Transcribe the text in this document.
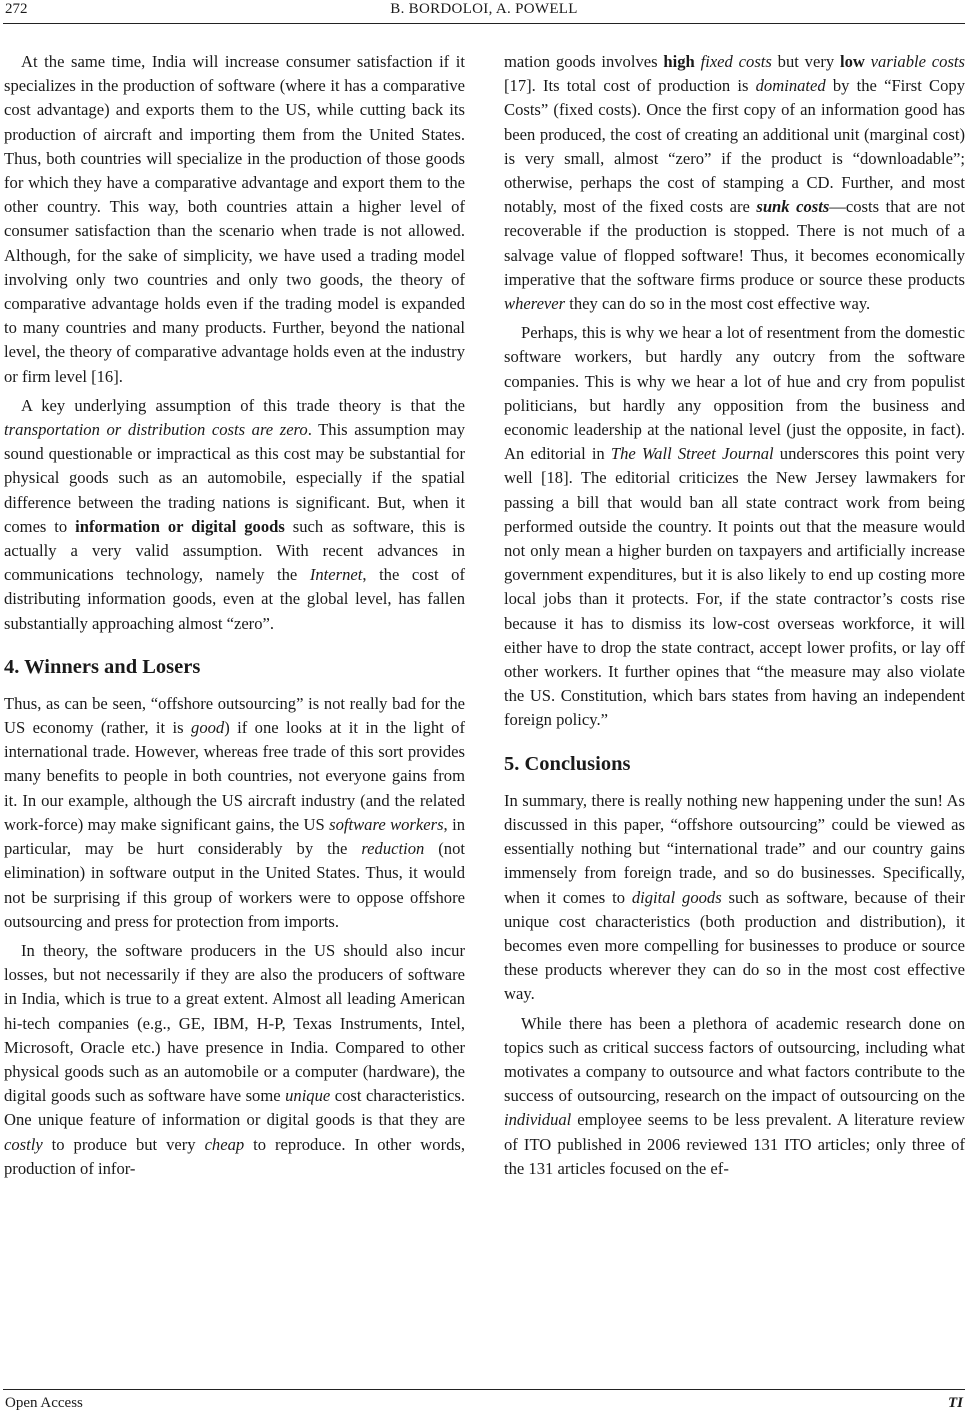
272	B. BORDOLOI, A. POWELL

At the same time, India will increase consumer satisfaction if it specializes in the production of software (where it has a comparative cost advantage) and exports them to the US, while cutting back its production of aircraft and importing them from the United States. Thus, both countries will specialize in the production of those goods for which they have a comparative advantage and export them to the other country. This way, both countries attain a higher level of consumer satisfaction than the scenario when trade is not allowed. Although, for the sake of simplicity, we have used a trading model involving only two countries and only two goods, the theory of comparative advantage holds even if the trading model is expanded to many countries and many products. Further, beyond the national level, the theory of comparative advantage holds even at the industry or firm level [16].

A key underlying assumption of this trade theory is that the transportation or distribution costs are zero. This assumption may sound questionable or impractical as this cost may be substantial for physical goods such as an automobile, especially if the spatial difference between the trading nations is significant. But, when it comes to information or digital goods such as software, this is actually a very valid assumption. With recent advances in communications technology, namely the Internet, the cost of distributing information goods, even at the global level, has fallen substantially approaching almost “zero”.

4. Winners and Losers

Thus, as can be seen, “offshore outsourcing” is not really bad for the US economy (rather, it is good) if one looks at it in the light of international trade. However, whereas free trade of this sort provides many benefits to people in both countries, not everyone gains from it. In our example, although the US aircraft industry (and the related work-force) may make significant gains, the US software workers, in particular, may be hurt considerably by the reduction (not elimination) in software output in the United States. Thus, it would not be surprising if this group of workers were to oppose offshore outsourcing and press for protection from imports.

In theory, the software producers in the US should also incur losses, but not necessarily if they are also the producers of software in India, which is true to a great extent. Almost all leading American hi-tech companies (e.g., GE, IBM, H-P, Texas Instruments, Intel, Microsoft, Oracle etc.) have presence in India. Compared to other physical goods such as an automobile or a computer (hardware), the digital goods such as software have some unique cost characteristics. One unique feature of information or digital goods is that they are costly to produce but very cheap to reproduce. In other words, production of infor-

mation goods involves high fixed costs but very low variable costs [17]. Its total cost of production is dominated by the “First Copy Costs” (fixed costs). Once the first copy of an information good has been produced, the cost of creating an additional unit (marginal cost) is very small, almost “zero” if the product is “downloadable”; otherwise, perhaps the cost of stamping a CD. Further, and most notably, most of the fixed costs are sunk costs—costs that are not recoverable if the production is stopped. There is not much of a salvage value of flopped software! Thus, it becomes economically imperative that the software firms produce or source these products wherever they can do so in the most cost effective way.

Perhaps, this is why we hear a lot of resentment from the domestic software workers, but hardly any outcry from the software companies. This is why we hear a lot of hue and cry from populist politicians, but hardly any opposition from the business and economic leadership at the national level (just the opposite, in fact). An editorial in The Wall Street Journal underscores this point very well [18]. The editorial criticizes the New Jersey lawmakers for passing a bill that would ban all state contract work from being performed outside the country. It points out that the measure would not only mean a higher burden on taxpayers and artificially increase government expenditures, but it is also likely to end up costing more local jobs than it protects. For, if the state contractor’s costs rise because it has to dismiss its low-cost overseas workforce, it will either have to drop the state contract, accept lower profits, or lay off other workers. It further opines that “the measure may also violate the US. Constitution, which bars states from having an independent foreign policy.”

5. Conclusions

In summary, there is really nothing new happening under the sun! As discussed in this paper, “offshore outsourcing” could be viewed as essentially nothing but “international trade” and our country gains immensely from foreign trade, and so do businesses. Specifically, when it comes to digital goods such as software, because of their unique cost characteristics (both production and distribution), it becomes even more compelling for businesses to produce or source these products wherever they can do so in the most cost effective way.

While there has been a plethora of academic research done on topics such as critical success factors of outsourcing, including what motivates a company to outsource and what factors contribute to the success of outsourcing, research on the impact of outsourcing on the individual employee seems to be less prevalent. A literature review of ITO published in 2006 reviewed 131 ITO articles; only three of the 131 articles focused on the ef-

Open Access	TI
